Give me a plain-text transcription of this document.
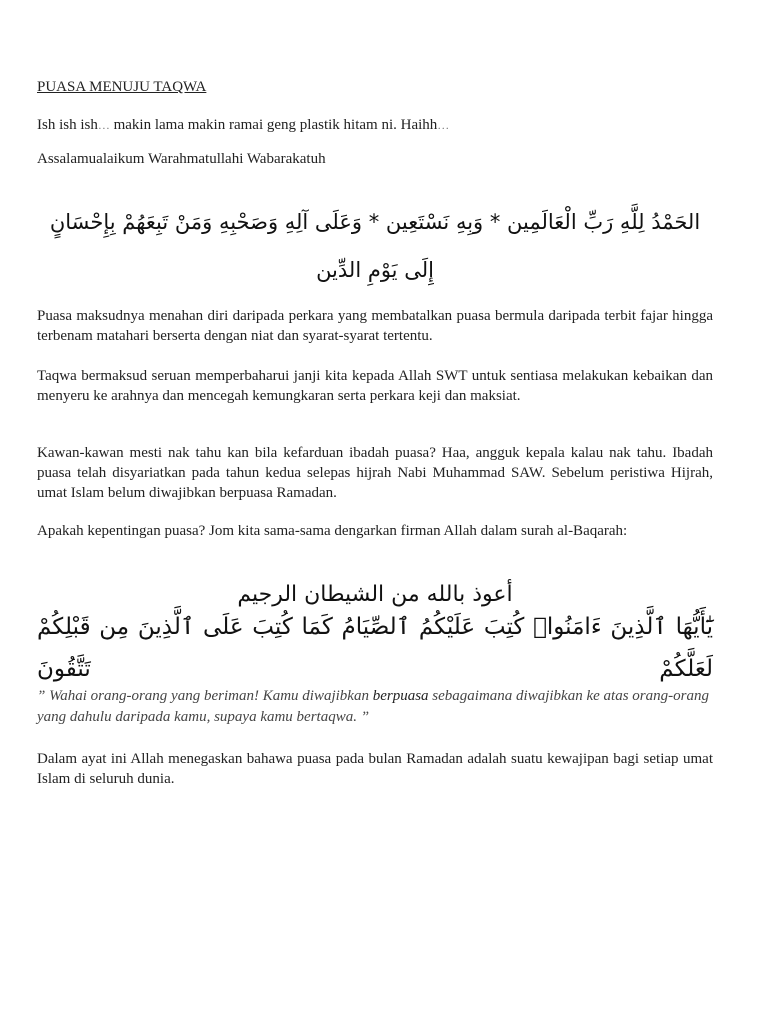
PUASA MENUJU TAQWA
Ish ish ish… makin lama makin ramai geng plastik hitam ni. Haihh…
Assalamualaikum Warahmatullahi Wabarakatuh
الحَمْدُ لِلَّهِ رَبِّ الْعَالَمِين * وَبِهِ نَسْتَعِين * وَعَلَى آلِهِ وَصَحْبِهِ وَمَنْ تَبِعَهُمْ بِإِحْسَانٍ إِلَى يَوْمِ الدِّين
Puasa maksudnya menahan diri daripada perkara yang membatalkan puasa bermula daripada terbit fajar hingga terbenam matahari berserta dengan niat dan syarat-syarat tertentu.
Taqwa bermaksud seruan memperbaharui janji kita kepada Allah SWT untuk sentiasa melakukan kebaikan dan menyeru ke arahnya dan mencegah kemungkaran serta perkara keji dan maksiat.
Kawan-kawan mesti nak tahu kan bila kefarduan ibadah puasa? Haa, angguk kepala kalau nak tahu. Ibadah puasa telah disyariatkan pada tahun kedua selepas hijrah Nabi Muhammad SAW. Sebelum peristiwa Hijrah, umat Islam belum diwajibkan berpuasa Ramadan.
Apakah kepentingan puasa? Jom kita sama-sama dengarkan firman Allah dalam surah al-Baqarah:
أعوذ بالله من الشيطان الرجيم
يَٰٓأَيُّهَا ٱلَّذِينَ ءَامَنُوا۟ كُتِبَ عَلَيْكُمُ ٱلصِّيَامُ كَمَا كُتِبَ عَلَى ٱلَّذِينَ مِن قَبْلِكُمْ لَعَلَّكُمْ تَتَّقُونَ
” Wahai orang-orang yang beriman! Kamu diwajibkan berpuasa sebagaimana diwajibkan ke atas orang-orang yang dahulu daripada kamu, supaya kamu bertaqwa. ”
Dalam ayat ini Allah menegaskan bahawa puasa pada bulan Ramadan adalah suatu kewajipan bagi setiap umat Islam di seluruh dunia.
